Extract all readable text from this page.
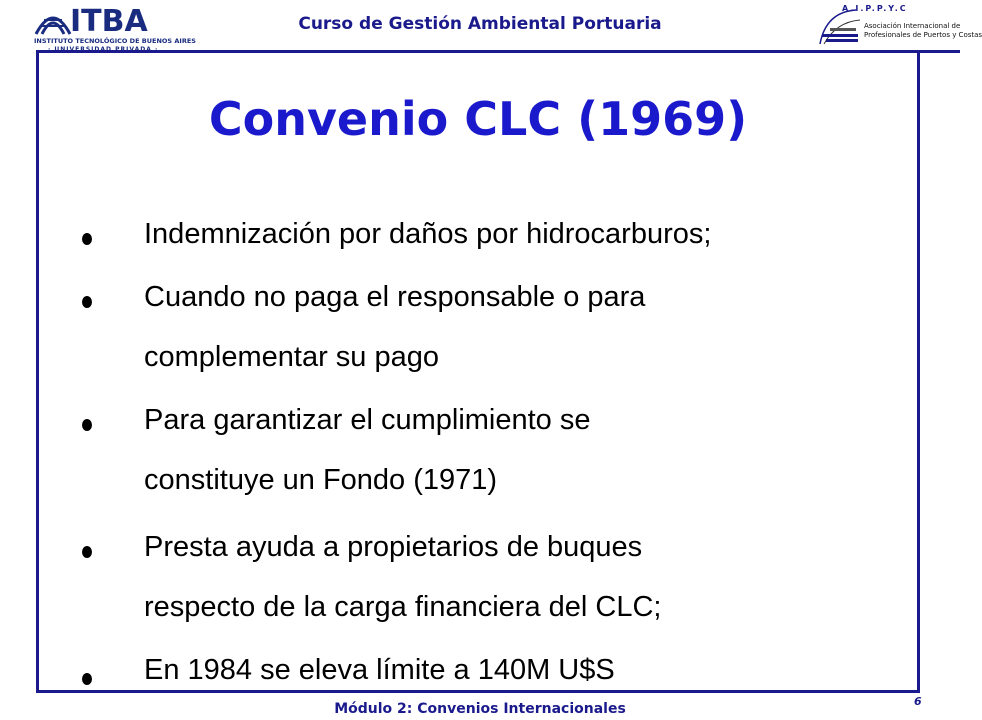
ITBA
INSTITUTO TECNOLÓGICO DE BUENOS AIRES
· UNIVERSIDAD PRIVADA ·
Curso de Gestión Ambiental Portuaria
A.I.P.P.Y.C
Asociación Internacional de
Profesionales de Puertos y Costas
Convenio CLC (1969)
Indemnización por daños por hidrocarburos;
Cuando no paga el responsable o para
complementar su pago
Para garantizar el cumplimiento se
constituye un Fondo (1971)
Presta ayuda a propietarios de buques
respecto de la carga financiera del CLC;
En 1984 se eleva límite a 140M U$S
6
Módulo 2: Convenios Internacionales
